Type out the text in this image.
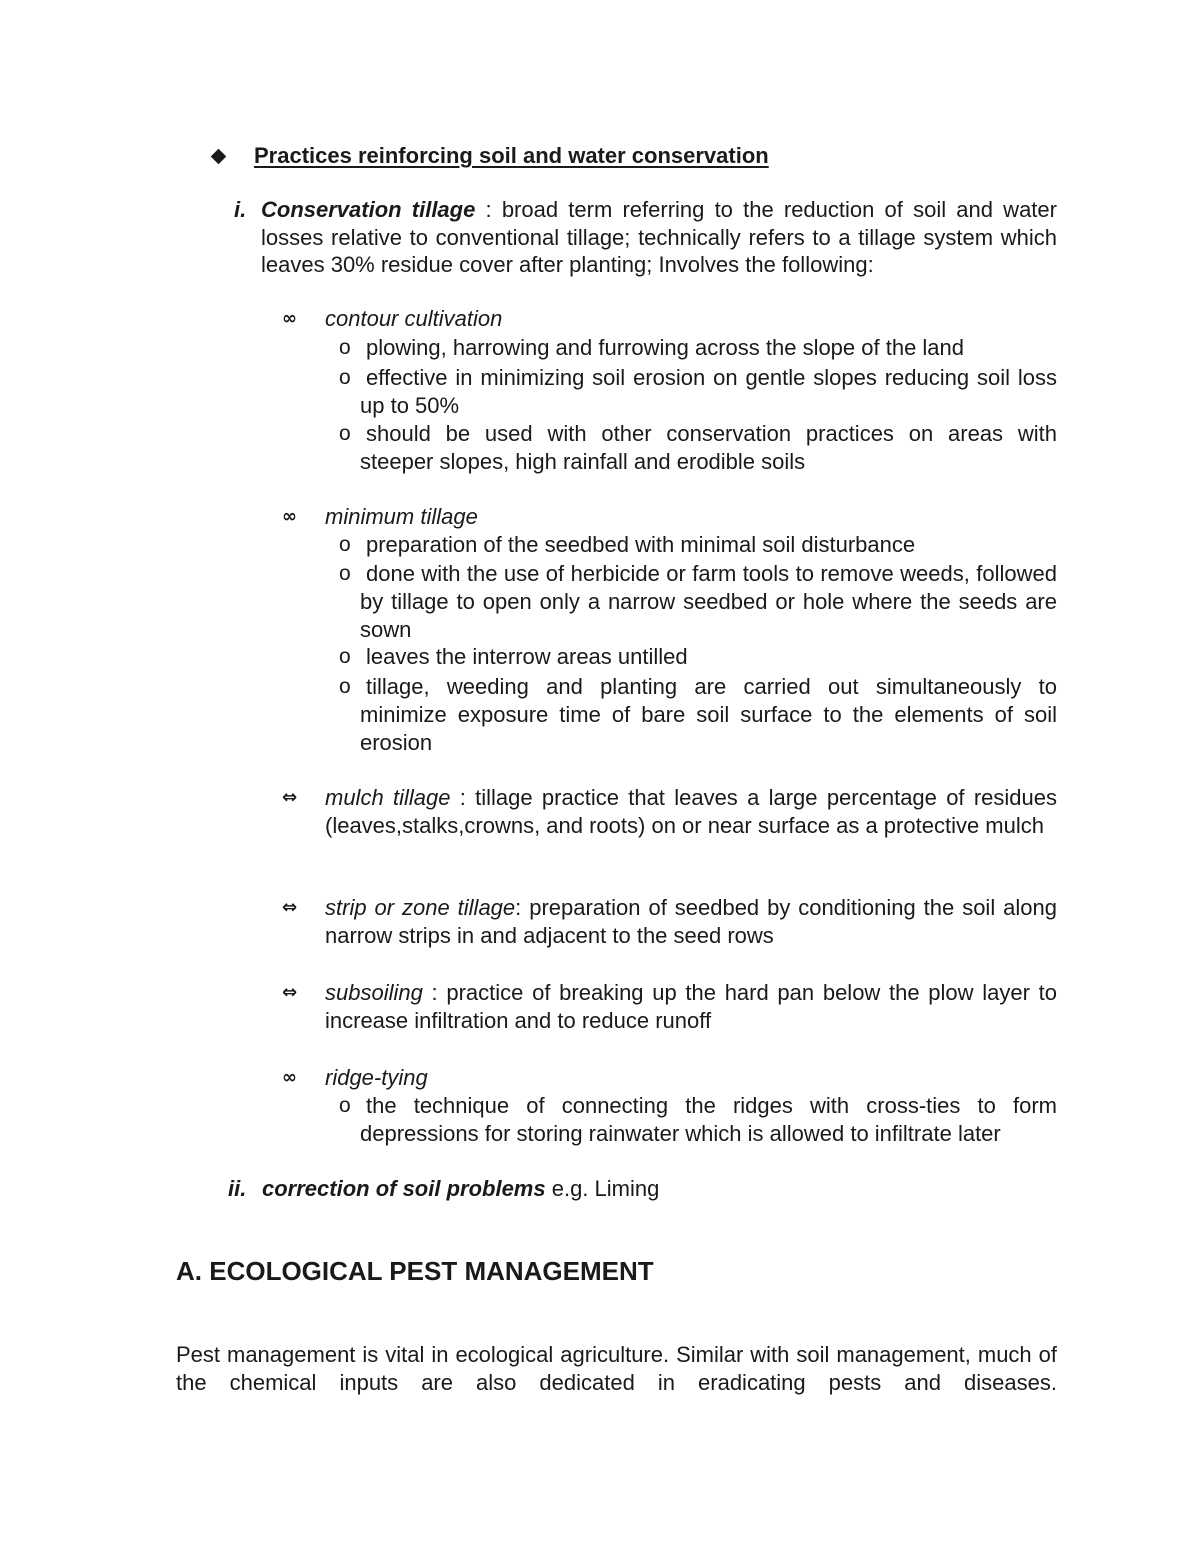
Practices reinforcing soil and water conservation
i. Conservation tillage : broad term referring to the reduction of soil and water losses relative to conventional tillage; technically refers to a tillage system which leaves 30% residue cover after planting; Involves the following:
∞ contour cultivation
o plowing, harrowing and furrowing across the slope of the land
o effective in minimizing soil erosion on gentle slopes reducing soil loss up to 50%
o should be used with other conservation practices on areas with steeper slopes, high rainfall and erodible soils
∞ minimum tillage
o preparation of the seedbed with minimal soil disturbance
o done with the use of herbicide or farm tools to remove weeds, followed by tillage to open only a narrow seedbed or hole where the seeds are sown
o leaves the interrow areas untilled
o tillage, weeding and planting are carried out simultaneously to minimize exposure time of bare soil surface to the elements of soil erosion
⇔ mulch tillage : tillage practice that leaves a large percentage of residues (leaves,stalks,crowns, and roots) on or near surface as a protective mulch
⇔ strip or zone tillage: preparation of seedbed by conditioning the soil along narrow strips in and adjacent to the seed rows
⇔ subsoiling : practice of breaking up the hard pan below the plow layer to increase infiltration and to reduce runoff
∞ ridge-tying
o the technique of connecting the ridges with cross-ties to form depressions for storing rainwater which is allowed to infiltrate later
ii. correction of soil problems e.g. Liming
A. ECOLOGICAL PEST MANAGEMENT
Pest management is vital in ecological agriculture. Similar with soil management, much of the chemical inputs are also dedicated in eradicating pests and diseases.
